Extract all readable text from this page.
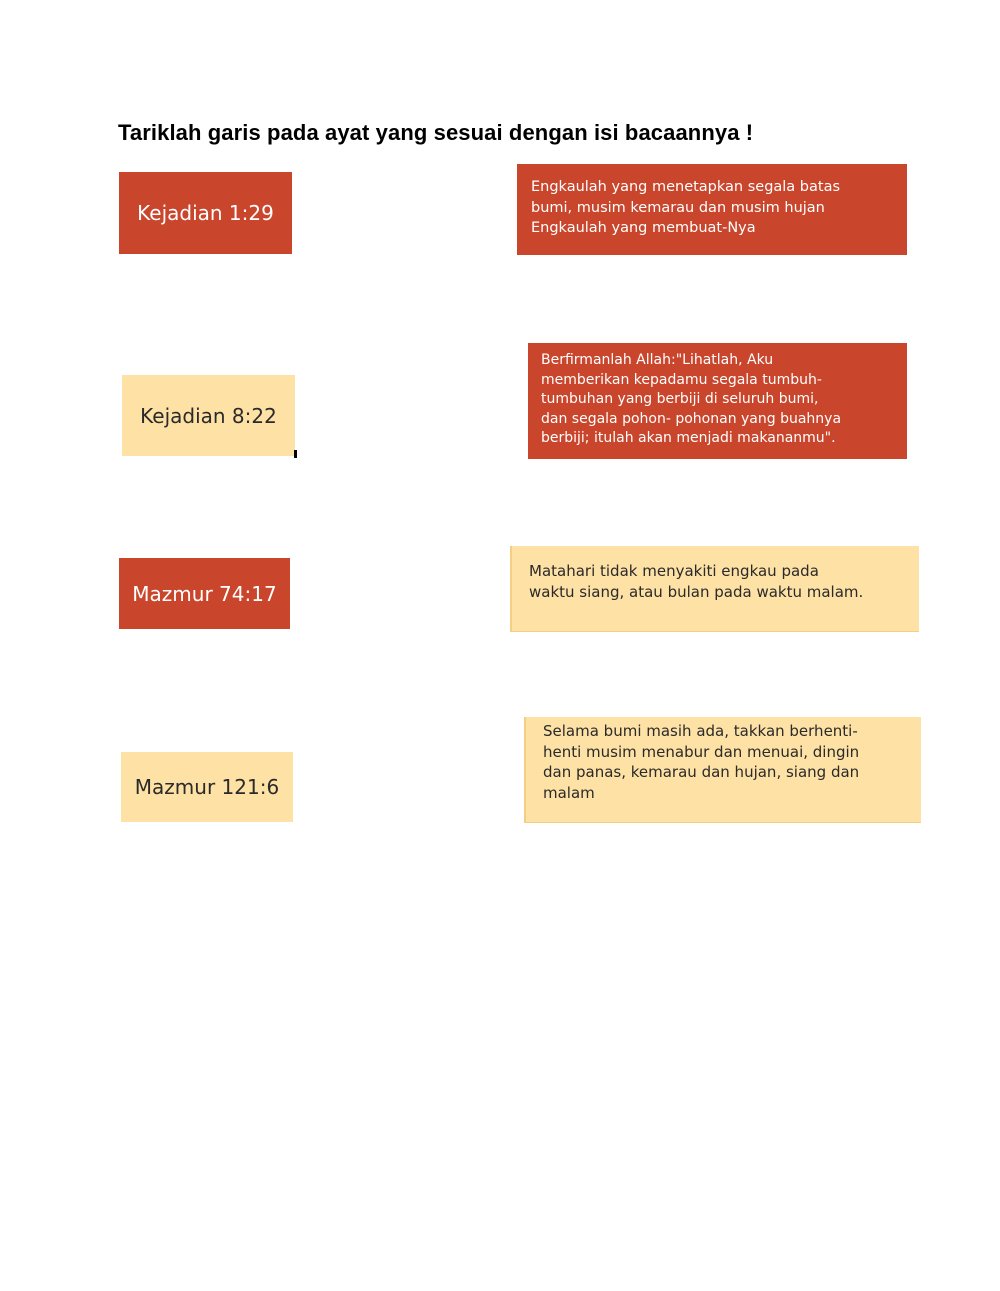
Tariklah garis pada ayat yang sesuai dengan isi bacaannya !
Kejadian 1:29
Kejadian 8:22
Mazmur 74:17
Mazmur 121:6
Engkaulah yang menetapkan segala batas
bumi, musim kemarau dan musim hujan
Engkaulah yang membuat-Nya
Berfirmanlah Allah:"Lihatlah, Aku
memberikan kepadamu segala tumbuh-
tumbuhan yang berbiji di seluruh bumi,
dan segala pohon- pohonan yang buahnya
berbiji; itulah akan menjadi makananmu".
Matahari tidak menyakiti engkau pada
waktu siang, atau bulan pada waktu malam.
Selama bumi masih ada, takkan berhenti-
henti musim menabur dan menuai, dingin
dan panas, kemarau dan hujan, siang dan
malam
